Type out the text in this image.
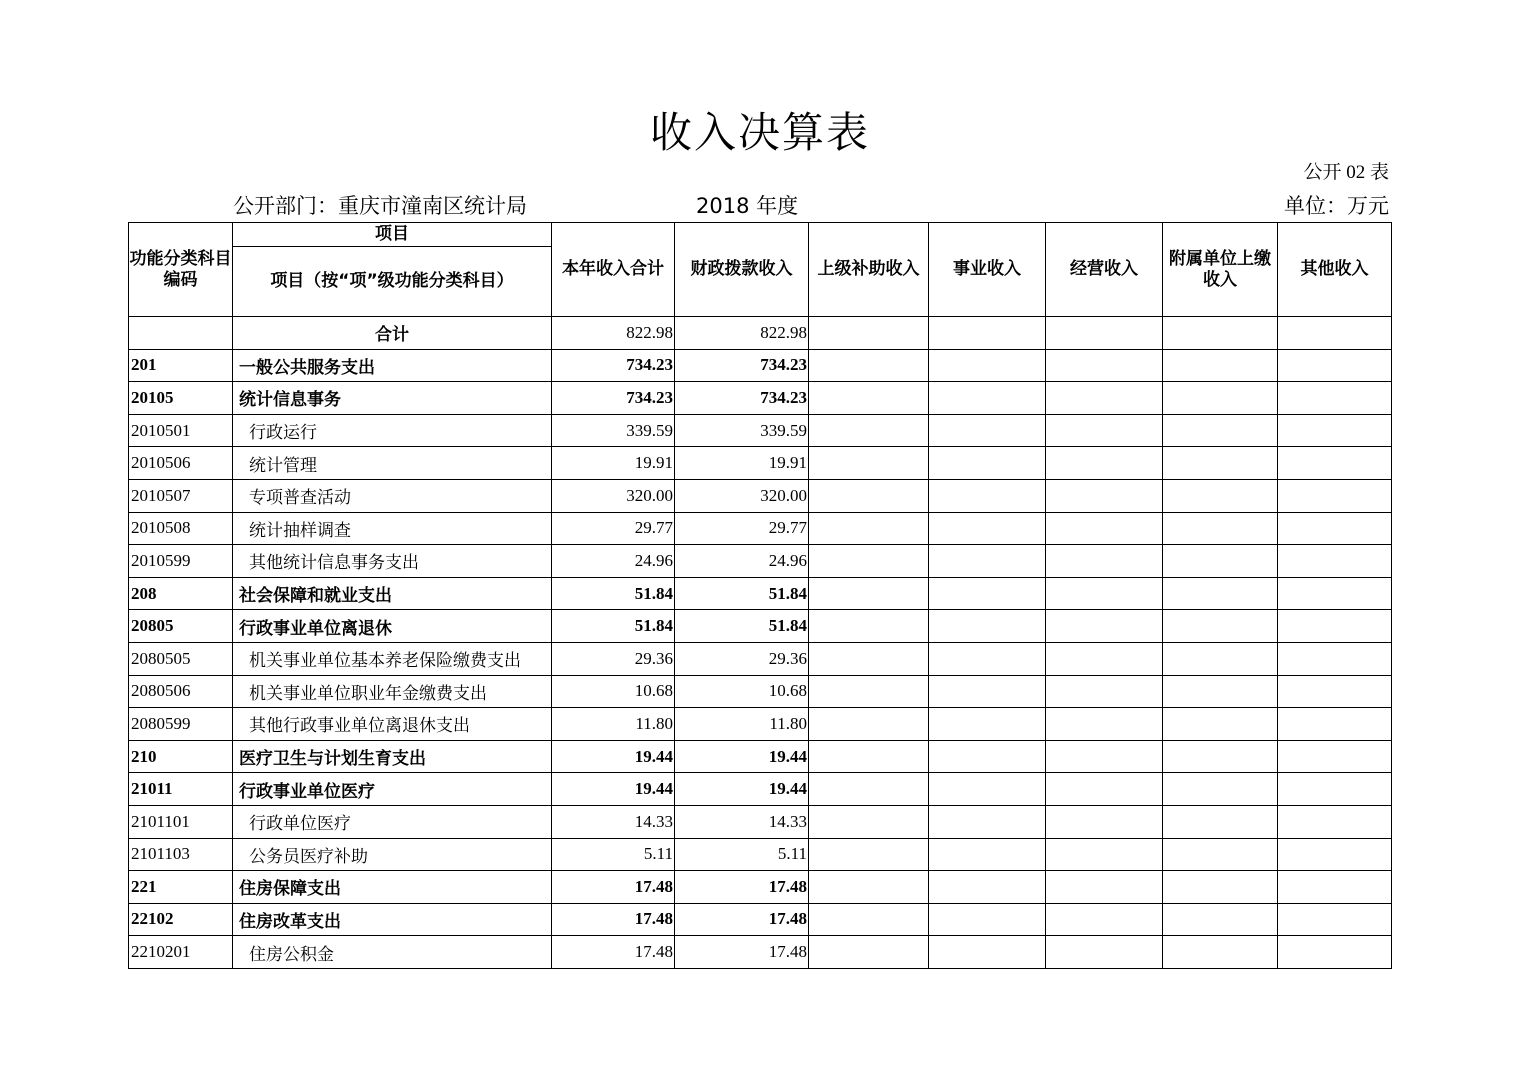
收入决算表
公开 02 表
公开部门：重庆市潼南区统计局	2018 年度	单位：万元
功能分类科目编码	项目	本年收入合计	财政拨款收入	上级补助收入	事业收入	经营收入	附属单位上缴收入	其他收入
	项目（按“项”级功能分类科目）							
	合计	822.98	822.98					
201	一般公共服务支出	734.23	734.23					
20105	统计信息事务	734.23	734.23					
2010501	行政运行	339.59	339.59					
2010506	统计管理	19.91	19.91					
2010507	专项普查活动	320.00	320.00					
2010508	统计抽样调查	29.77	29.77					
2010599	其他统计信息事务支出	24.96	24.96					
208	社会保障和就业支出	51.84	51.84					
20805	行政事业单位离退休	51.84	51.84					
2080505	机关事业单位基本养老保险缴费支出	29.36	29.36					
2080506	机关事业单位职业年金缴费支出	10.68	10.68					
2080599	其他行政事业单位离退休支出	11.80	11.80					
210	医疗卫生与计划生育支出	19.44	19.44					
21011	行政事业单位医疗	19.44	19.44					
2101101	行政单位医疗	14.33	14.33					
2101103	公务员医疗补助	5.11	5.11					
221	住房保障支出	17.48	17.48					
22102	住房改革支出	17.48	17.48					
2210201	住房公积金	17.48	17.48					
